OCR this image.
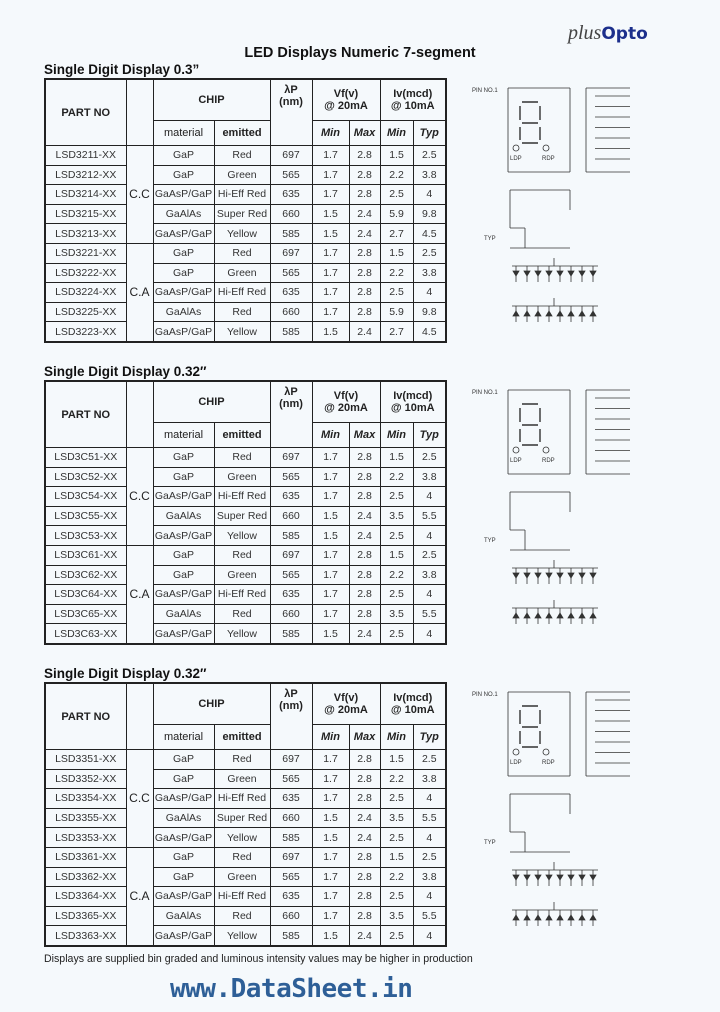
plusOpto
LED Displays Numeric 7-segment
Single Digit Display 0.3”
PART NO		CHIP		λP
(nm)	Vf(v)
@ 20mA		Iv(mcd)
@ 10mA	
		material	emitted		Min	Max	Min	Typ
LSD3211-XX	C.C	GaP	Red	697	1.7	2.8	1.5	2.5
LSD3212-XX		GaP	Green	565	1.7	2.8	2.2	3.8
LSD3214-XX		GaAsP/GaP	Hi-Eff Red	635	1.7	2.8	2.5	4
LSD3215-XX		GaAlAs	Super Red	660	1.5	2.4	5.9	9.8
LSD3213-XX		GaAsP/GaP	Yellow	585	1.5	2.4	2.7	4.5
LSD3221-XX	C.A	GaP	Red	697	1.7	2.8	1.5	2.5
LSD3222-XX		GaP	Green	565	1.7	2.8	2.2	3.8
LSD3224-XX		GaAsP/GaP	Hi-Eff Red	635	1.7	2.8	2.5	4
LSD3225-XX		GaAlAs	Red	660	1.7	2.8	5.9	9.8
LSD3223-XX		GaAsP/GaP	Yellow	585	1.5	2.4	2.7	4.5
PIN NO.1
LDP	RDP
TYP
Single Digit Display 0.32″
PART NO		CHIP		λP
(nm)	Vf(v)
@ 20mA		Iv(mcd)
@ 10mA	
		material	emitted		Min	Max	Min	Typ
LSD3C51-XX	C.C	GaP	Red	697	1.7	2.8	1.5	2.5
LSD3C52-XX		GaP	Green	565	1.7	2.8	2.2	3.8
LSD3C54-XX		GaAsP/GaP	Hi-Eff Red	635	1.7	2.8	2.5	4
LSD3C55-XX		GaAlAs	Super Red	660	1.5	2.4	3.5	5.5
LSD3C53-XX		GaAsP/GaP	Yellow	585	1.5	2.4	2.5	4
LSD3C61-XX	C.A	GaP	Red	697	1.7	2.8	1.5	2.5
LSD3C62-XX		GaP	Green	565	1.7	2.8	2.2	3.8
LSD3C64-XX		GaAsP/GaP	Hi-Eff Red	635	1.7	2.8	2.5	4
LSD3C65-XX		GaAlAs	Red	660	1.7	2.8	3.5	5.5
LSD3C63-XX		GaAsP/GaP	Yellow	585	1.5	2.4	2.5	4
PIN NO.1
LDP	RDP
TYP
Single Digit Display 0.32″
PART NO		CHIP		λP
(nm)	Vf(v)
@ 20mA		Iv(mcd)
@ 10mA	
		material	emitted		Min	Max	Min	Typ
LSD3351-XX	C.C	GaP	Red	697	1.7	2.8	1.5	2.5
LSD3352-XX		GaP	Green	565	1.7	2.8	2.2	3.8
LSD3354-XX		GaAsP/GaP	Hi-Eff Red	635	1.7	2.8	2.5	4
LSD3355-XX		GaAlAs	Super Red	660	1.5	2.4	3.5	5.5
LSD3353-XX		GaAsP/GaP	Yellow	585	1.5	2.4	2.5	4
LSD3361-XX	C.A	GaP	Red	697	1.7	2.8	1.5	2.5
LSD3362-XX		GaP	Green	565	1.7	2.8	2.2	3.8
LSD3364-XX		GaAsP/GaP	Hi-Eff Red	635	1.7	2.8	2.5	4
LSD3365-XX		GaAlAs	Red	660	1.7	2.8	3.5	5.5
LSD3363-XX		GaAsP/GaP	Yellow	585	1.5	2.4	2.5	4
PIN NO.1
LDP	RDP
TYP
Displays are supplied bin graded and luminous intensity values may be higher in production
www.DataSheet.in
